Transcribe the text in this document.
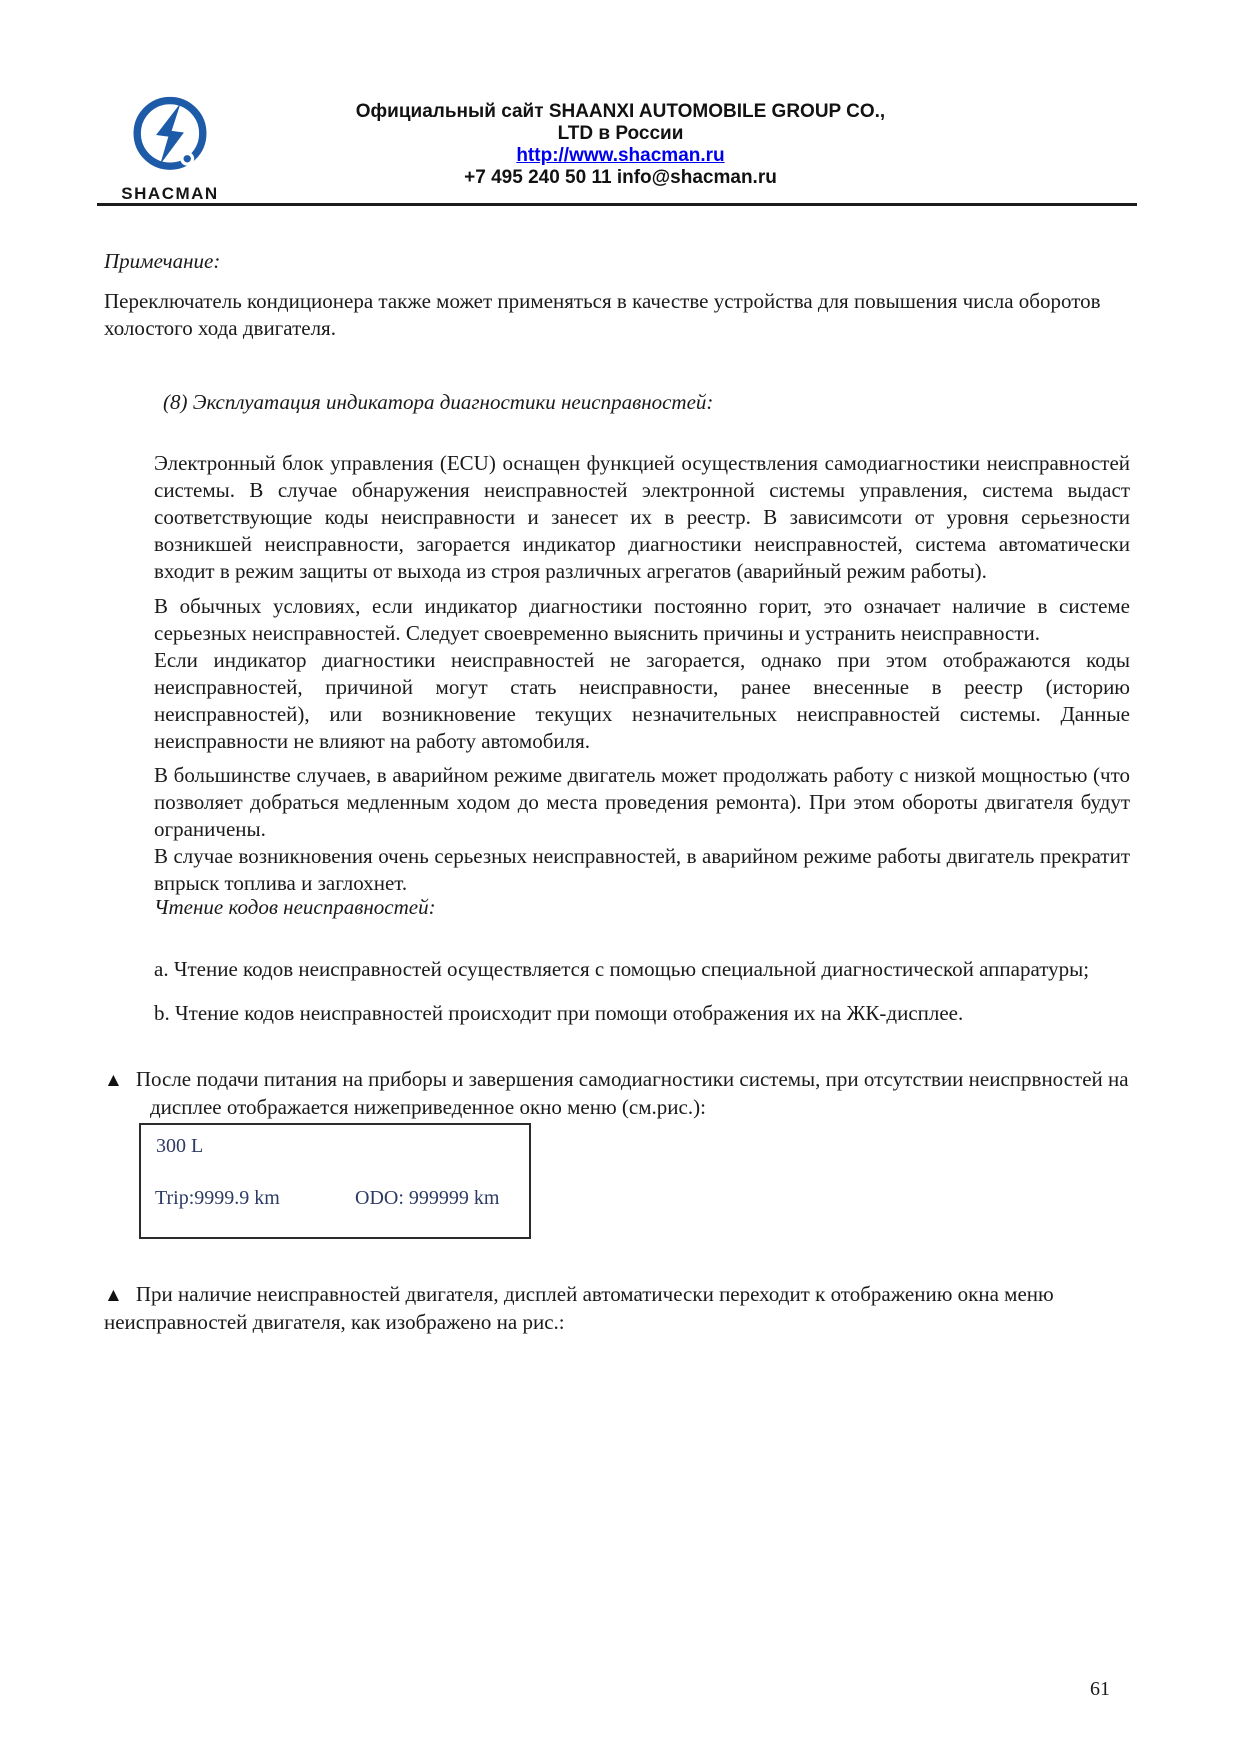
SHACMAN
Официальный сайт SHAANXI AUTOMOBILE GROUP CO.,
LTD в России
http://www.shacman.ru
+7 495 240 50 11 info@shacman.ru
Примечание:
Переключатель кондиционера также может применяться в качестве устройства для повышения числа оборотов холостого хода двигателя.
(8) Эксплуатация индикатора диагностики неисправностей:
Электронный блок управления (ECU) оснащен функцией осуществления самодиагностики неисправностей системы. В случае обнаружения неисправностей электронной системы управления, система выдаст соответствующие коды неисправности и занесет их в реестр. В зависимсоти от уровня серьезности возникшей неисправности, загорается индикатор диагностики неисправностей, система автоматически входит в режим защиты от выхода из строя различных агрегатов (аварийный режим работы).

В обычных условиях, если индикатор диагностики постоянно горит, это означает наличие в системе серьезных неисправностей. Следует своевременно выяснить причины и устранить неисправности.

Если индикатор диагностики неисправностей не загорается, однако при этом отображаются коды неисправностей, причиной могут стать неисправности, ранее внесенные в реестр (историю неисправностей), или возникновение текущих незначительных неисправностей системы. Данные неисправности не влияют на работу автомобиля.

В большинстве случаев, в аварийном режиме двигатель может продолжать работу с низкой мощностью (что позволяет добраться медленным ходом до места проведения ремонта). При этом обороты двигателя будут ограничены.

В случае возникновения очень серьезных неисправностей, в аварийном режиме работы двигатель прекратит впрыск топлива и заглохнет.

Чтение кодов неисправностей:
a. Чтение кодов неисправностей осуществляется с помощью специальной диагностической аппаратуры;
b. Чтение кодов неисправностей происходит при помощи отображения их на ЖК-дисплее.
▲ После подачи питания на приборы и завершения самодиагностики системы, при отсутствии неиспрвностей на дисплее отображается нижеприведенное окно меню (см.рис.):
300 L
Trip:9999.9 km	ODO: 999999 km
▲ При наличие неисправностей двигателя, дисплей автоматически переходит к отображению окна меню неисправностей двигателя, как изображено на рис.:
61
